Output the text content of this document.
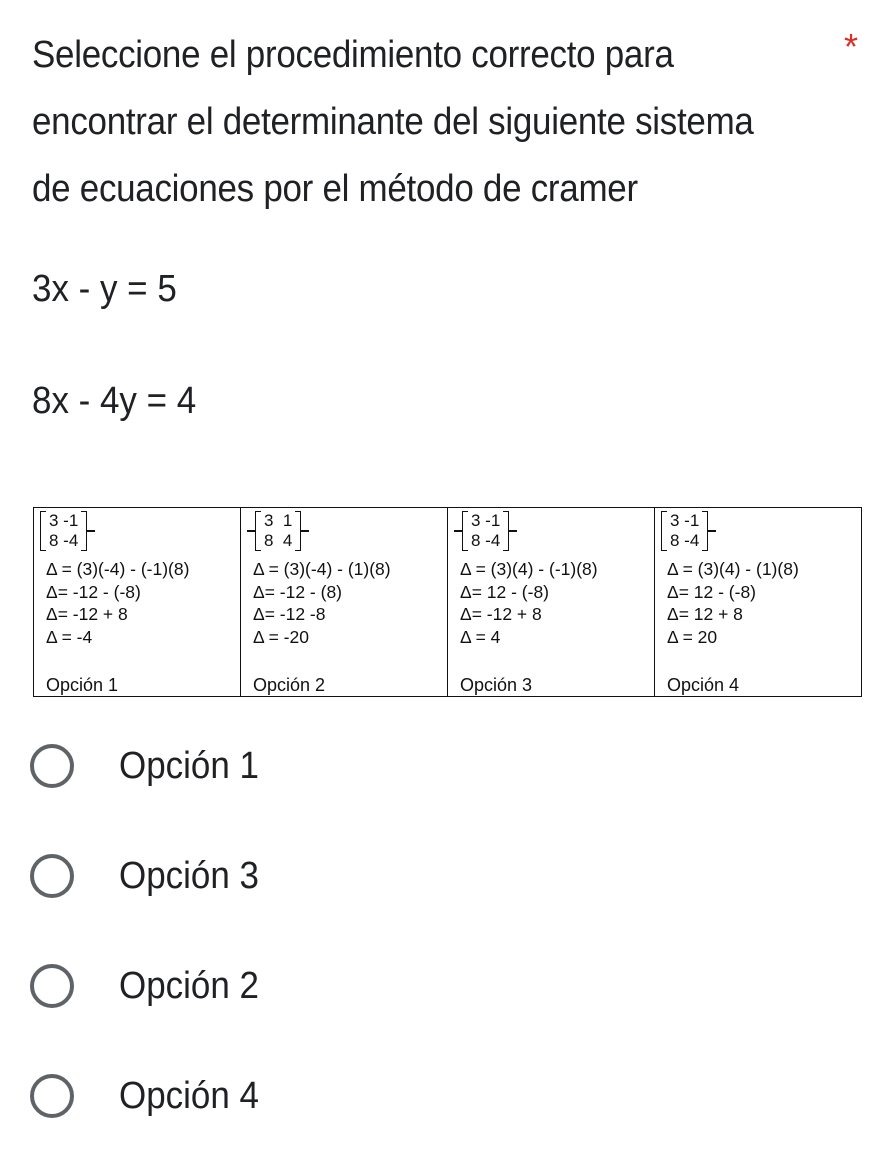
Seleccione el procedimiento correcto para
encontrar el determinante del siguiente sistema
de ecuaciones por el método de cramer
*
3x - y = 5
8x - 4y = 4
3 -1
8 -4
Δ = (3)(-4) - (-1)(8)
Δ= -12 - (-8)
Δ= -12 + 8
Δ = -4
Opción 1
3  1
8  4
Δ = (3)(-4) - (1)(8)
Δ= -12 - (8)
Δ= -12 -8
Δ = -20
Opción 2
3 -1
8 -4
Δ = (3)(4) - (-1)(8)
Δ= 12 - (-8)
Δ= -12 + 8
Δ = 4
Opción 3
3 -1
8 -4
Δ = (3)(4) - (1)(8)
Δ= 12 - (-8)
Δ= 12 + 8
Δ = 20
Opción 4
Opción 1
Opción 3
Opción 2
Opción 4
